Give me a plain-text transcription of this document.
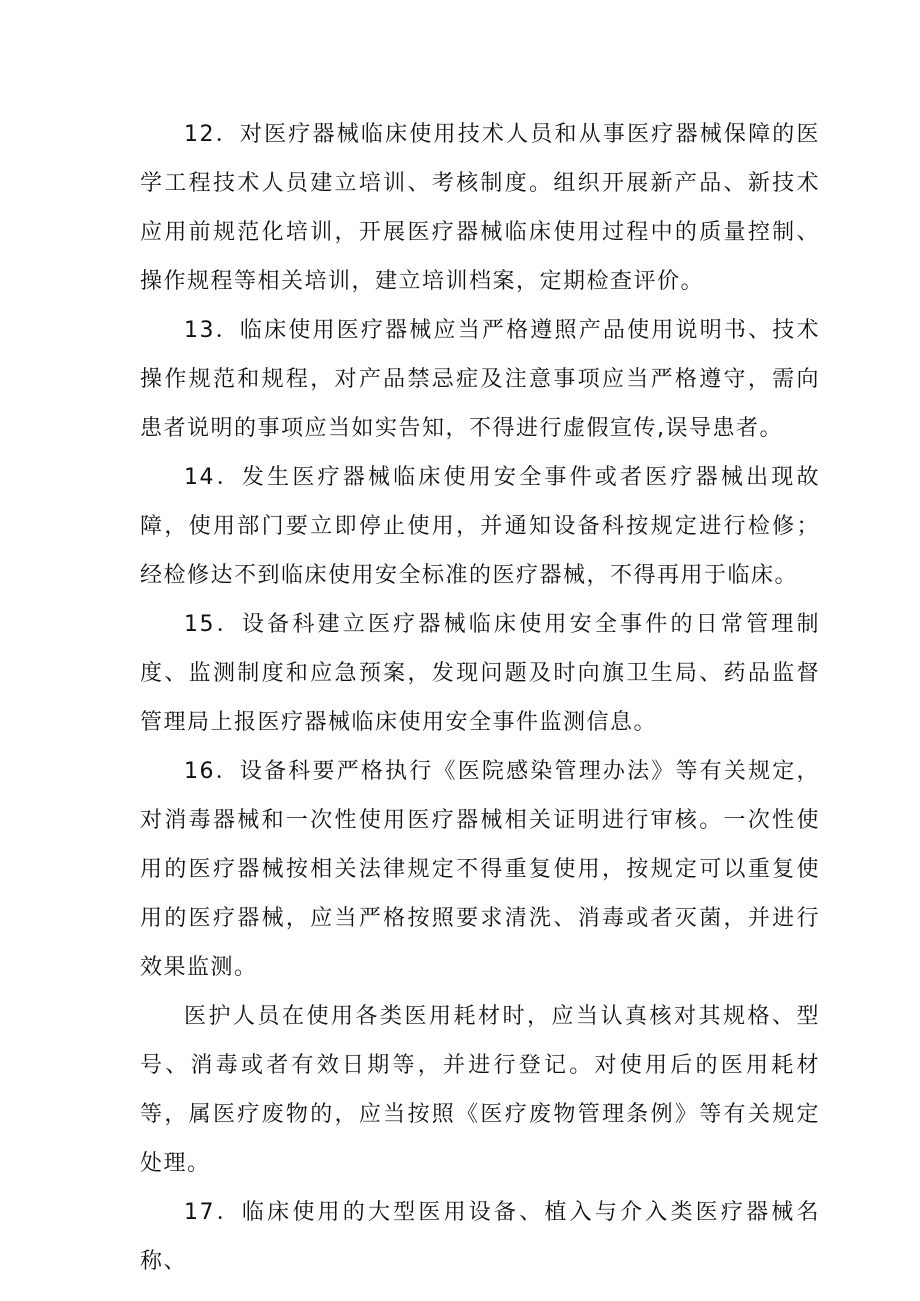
12．对医疗器械临床使用技术人员和从事医疗器械保障的医学工程技术人员建立培训、考核制度。组织开展新产品、新技术应用前规范化培训，开展医疗器械临床使用过程中的质量控制、操作规程等相关培训，建立培训档案，定期检查评价。

13．临床使用医疗器械应当严格遵照产品使用说明书、技术操作规范和规程，对产品禁忌症及注意事项应当严格遵守，需向患者说明的事项应当如实告知，不得进行虚假宣传,误导患者。

14．发生医疗器械临床使用安全事件或者医疗器械出现故障，使用部门要立即停止使用，并通知设备科按规定进行检修；经检修达不到临床使用安全标准的医疗器械，不得再用于临床。

15．设备科建立医疗器械临床使用安全事件的日常管理制度、监测制度和应急预案，发现问题及时向旗卫生局、药品监督管理局上报医疗器械临床使用安全事件监测信息。

16．设备科要严格执行《医院感染管理办法》等有关规定，对消毒器械和一次性使用医疗器械相关证明进行审核。一次性使用的医疗器械按相关法律规定不得重复使用，按规定可以重复使用的医疗器械，应当严格按照要求清洗、消毒或者灭菌，并进行效果监测。

医护人员在使用各类医用耗材时，应当认真核对其规格、型号、消毒或者有效日期等，并进行登记。对使用后的医用耗材等，属医疗废物的，应当按照《医疗废物管理条例》等有关规定处理。

17．临床使用的大型医用设备、植入与介入类医疗器械名称、
